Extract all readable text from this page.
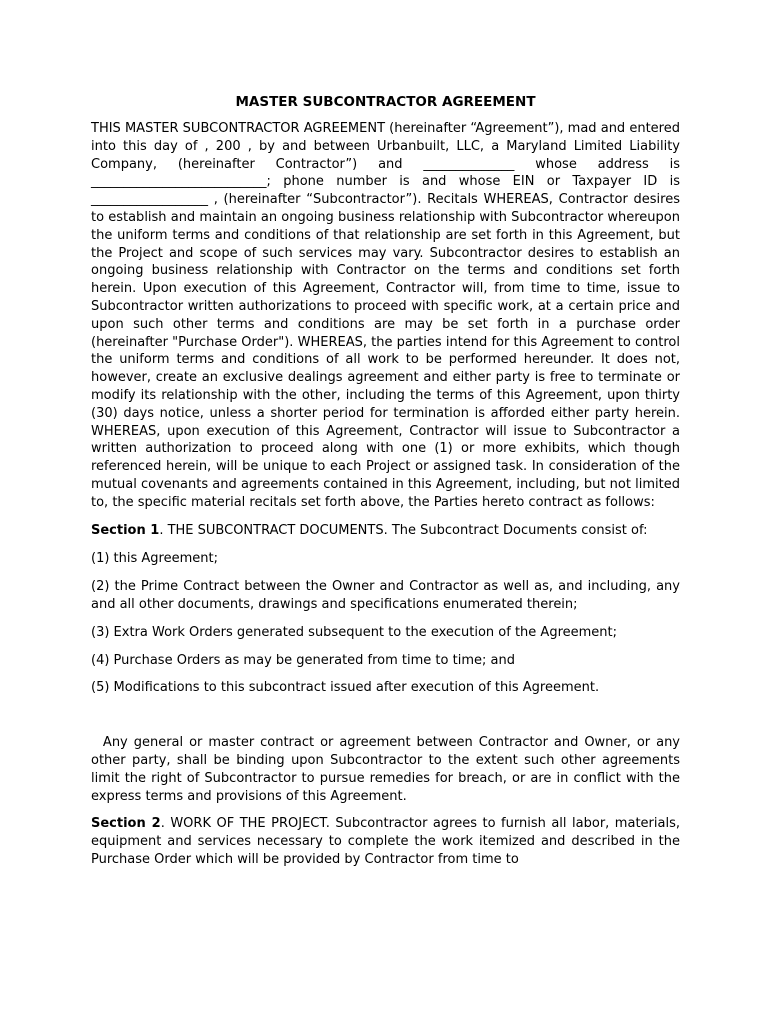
MASTER SUBCONTRACTOR AGREEMENT

THIS MASTER SUBCONTRACTOR AGREEMENT (hereinafter “Agreement”), mad and entered into this day of , 200 , by and between Urbanbuilt, LLC, a Maryland Limited Liability Company, (hereinafter Contractor”) and ______________ whose address is ___________________________; phone number is and whose EIN or Taxpayer ID is __________________ , (hereinafter “Subcontractor”). Recitals WHEREAS, Contractor desires to establish and maintain an ongoing business relationship with Subcontractor whereupon the uniform terms and conditions of that relationship are set forth in this Agreement, but the Project and scope of such services may vary. Subcontractor desires to establish an ongoing business relationship with Contractor on the terms and conditions set forth herein. Upon execution of this Agreement, Contractor will, from time to time, issue to Subcontractor written authorizations to proceed with specific work, at a certain price and upon such other terms and conditions are may be set forth in a purchase order (hereinafter "Purchase Order"). WHEREAS, the parties intend for this Agreement to control the uniform terms and conditions of all work to be performed hereunder. It does not, however, create an exclusive dealings agreement and either party is free to terminate or modify its relationship with the other, including the terms of this Agreement, upon thirty (30) days notice, unless a shorter period for termination is afforded either party herein. WHEREAS, upon execution of this Agreement, Contractor will issue to Subcontractor a written authorization to proceed along with one (1) or more exhibits, which though referenced herein, will be unique to each Project or assigned task. In consideration of the mutual covenants and agreements contained in this Agreement, including, but not limited to, the specific material recitals set forth above, the Parties hereto contract as follows:

Section 1. THE SUBCONTRACT DOCUMENTS. The Subcontract Documents consist of:

(1) this Agreement;

(2) the Prime Contract between the Owner and Contractor as well as, and including, any and all other documents, drawings and specifications enumerated therein;

(3) Extra Work Orders generated subsequent to the execution of the Agreement;

(4) Purchase Orders as may be generated from time to time; and

(5) Modifications to this subcontract issued after execution of this Agreement.

Any general or master contract or agreement between Contractor and Owner, or any other party, shall be binding upon Subcontractor to the extent such other agreements limit the right of Subcontractor to pursue remedies for breach, or are in conflict with the express terms and provisions of this Agreement.

Section 2. WORK OF THE PROJECT. Subcontractor agrees to furnish all labor, materials, equipment and services necessary to complete the work itemized and described in the Purchase Order which will be provided by Contractor from time to
